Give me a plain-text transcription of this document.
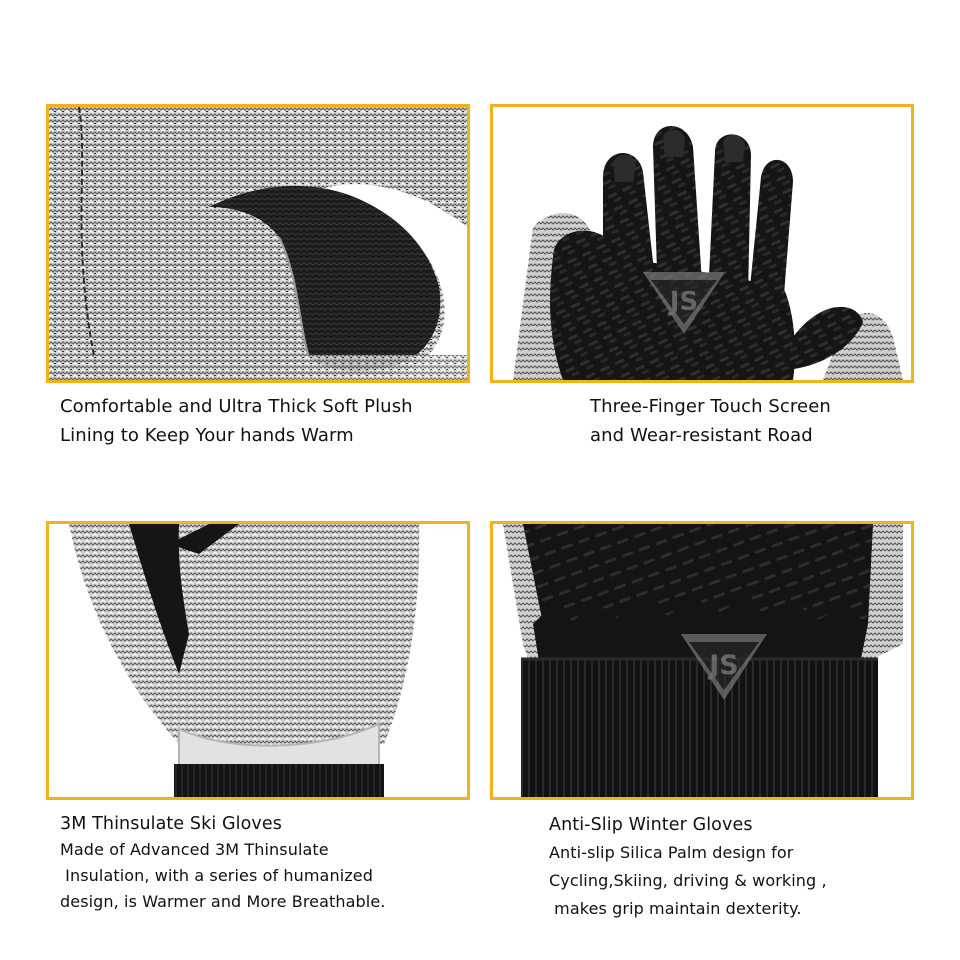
JS
JS
Comfortable and Ultra Thick Soft Plush
Lining to Keep Your hands Warm
Three-Finger Touch Screen
and Wear-resistant Road
3M Thinsulate Ski Gloves
Made of Advanced 3M Thinsulate
Insulation, with a series of humanized
design, is Warmer and More Breathable.
Anti-Slip Winter Gloves
Anti-slip Silica Palm design for
Cycling,Skiing, driving & working ,
makes grip maintain dexterity.
